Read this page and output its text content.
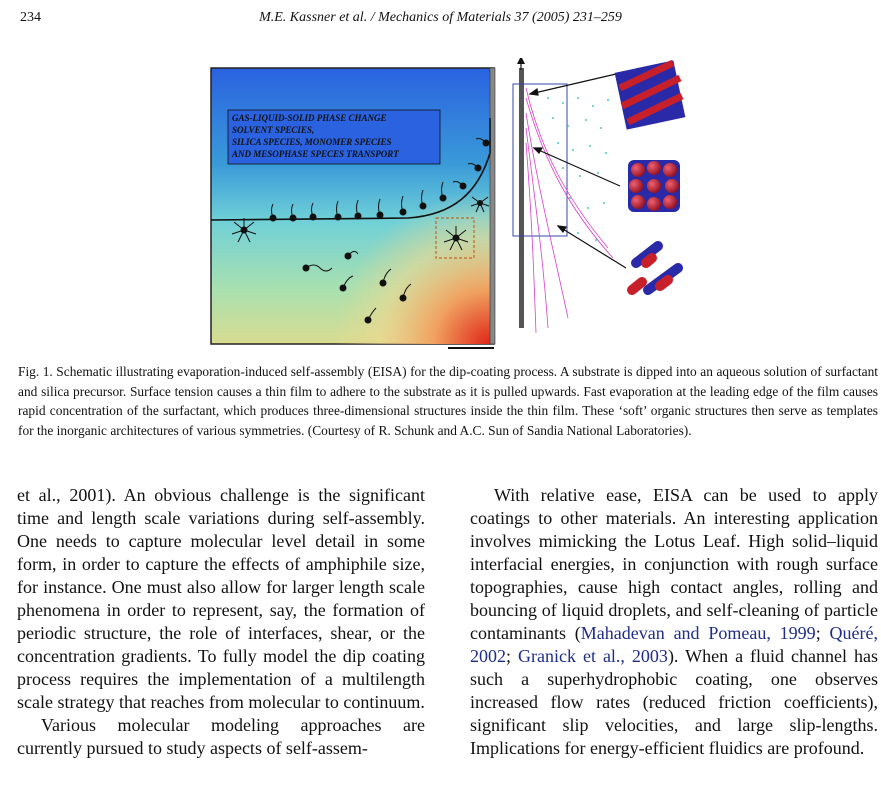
234	M.E. Kassner et al. / Mechanics of Materials 37 (2005) 231–259
GAS-LIQUID-SOLID PHASE CHANGE
SOLVENT SPECIES,
SILICA SPECIES, MONOMER SPECIES
AND MESOPHASE SPECES TRANSPORT
Fig. 1. Schematic illustrating evaporation-induced self-assembly (EISA) for the dip-coating process. A substrate is dipped into an aqueous solution of surfactant and silica precursor. Surface tension causes a thin film to adhere to the substrate as it is pulled upwards. Fast evaporation at the leading edge of the film causes rapid concentration of the surfactant, which produces three-dimensional structures inside the thin film. These ‘soft’ organic structures then serve as templates for the inorganic architectures of various symmetries. (Courtesy of R. Schunk and A.C. Sun of Sandia National Laboratories).

et al., 2001). An obvious challenge is the significant time and length scale variations during self-assembly. One needs to capture molecular level detail in some form, in order to capture the effects of amphiphile size, for instance. One must also allow for larger length scale phenomena in order to represent, say, the formation of periodic structure, the role of interfaces, shear, or the concentration gradients. To fully model the dip coating process requires the implementation of a multilength scale strategy that reaches from molecular to continuum.

Various molecular modeling approaches are currently pursued to study aspects of self-assem-

With relative ease, EISA can be used to apply coatings to other materials. An interesting application involves mimicking the Lotus Leaf. High solid–liquid interfacial energies, in conjunction with rough surface topographies, cause high contact angles, rolling and bouncing of liquid droplets, and self-cleaning of particle contaminants (Mahadevan and Pomeau, 1999; Quéré, 2002; Granick et al., 2003). When a fluid channel has such a superhydrophobic coating, one observes increased flow rates (reduced friction coefficients), significant slip velocities, and large slip-lengths. Implications for energy-efficient fluidics are profound.
